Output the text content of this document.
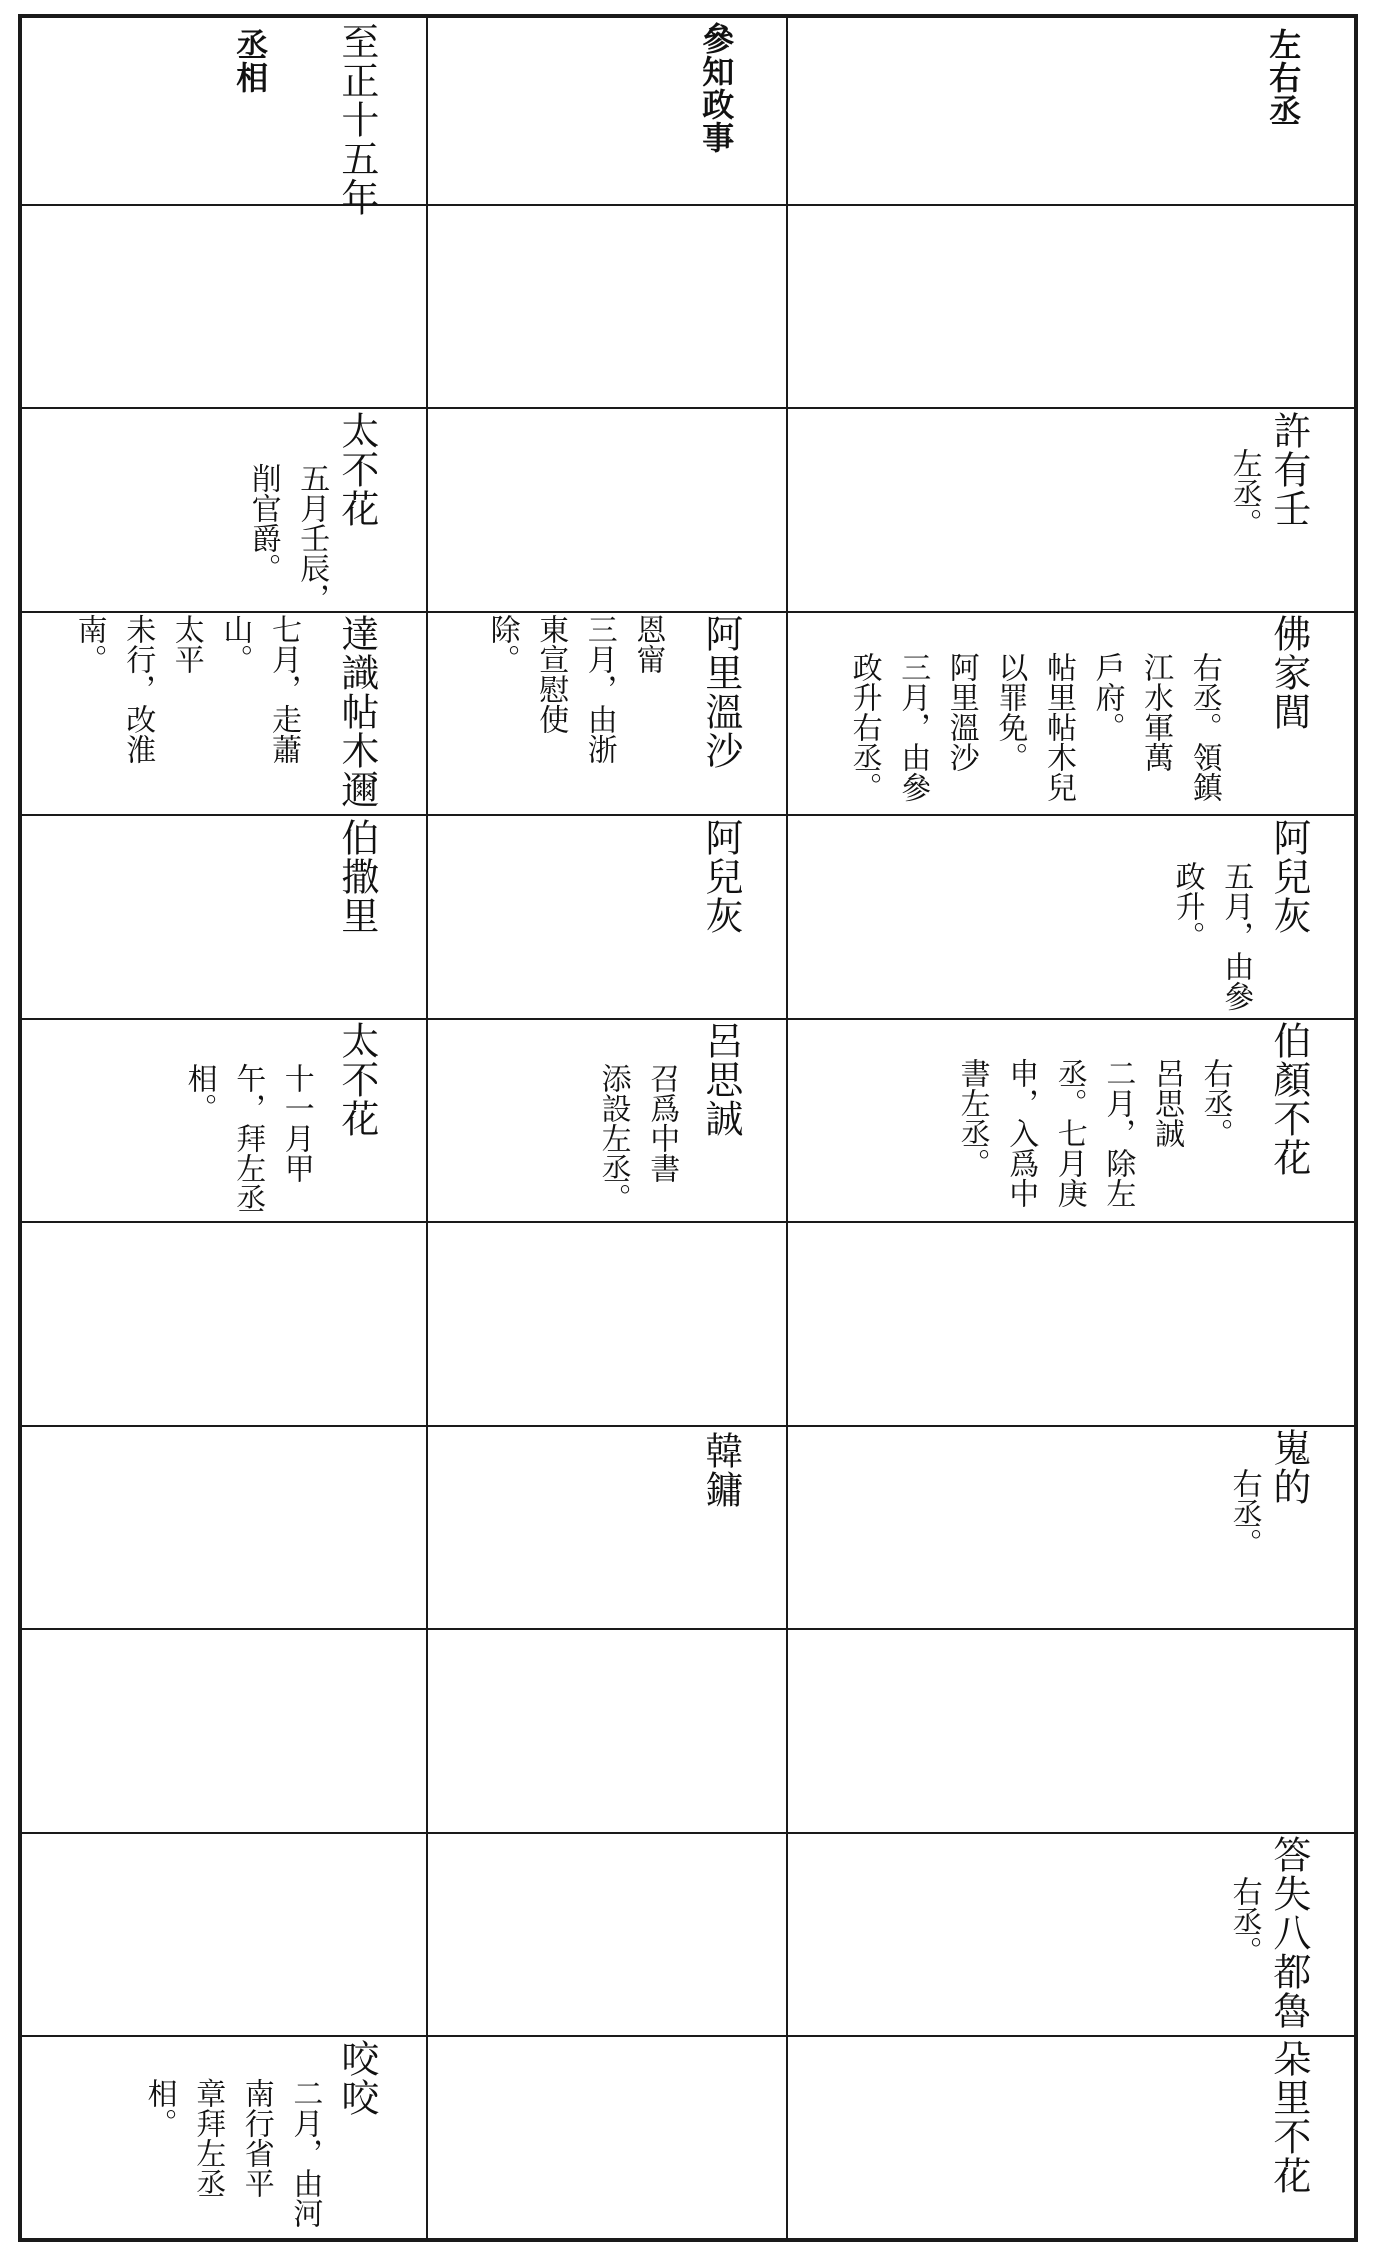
左右丞
參知政事
至正十五年
丞相
許有壬
左丞。
太不花
五月壬辰，
削官爵。
佛家閭
右丞。領鎮
江水軍萬
戶府。
帖里帖木兒
以罪免。
阿里溫沙
三月，由參
政升右丞。
阿里溫沙
恩甯
三月，由浙
東宣慰使
除。
達識帖木邇
七月，走蕭
山。
太平
未行，改淮
南。
阿兒灰
五月，由參
政升。
阿兒灰
伯撒里
伯顏不花
右丞。
呂思誠
二月，除左
丞。七月庚
申，入爲中
書左丞。
呂思誠
召爲中書
添設左丞。
太不花
十一月甲
午，拜左丞
相。
嵬的
右丞。
韓鏞
答失八都魯
右丞。
朵里不花
咬咬
二月，由河
南行省平
章拜左丞
相。
